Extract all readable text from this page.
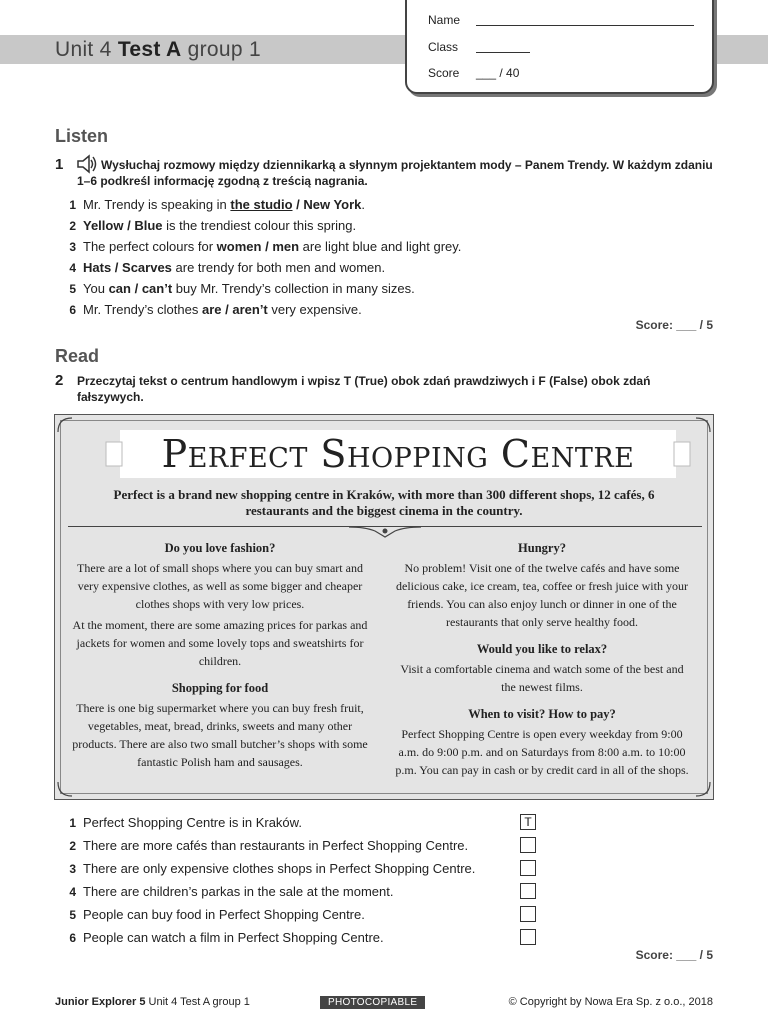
Unit 4 Test A group 1
Name
Class
Score ___ / 40
Listen
1	Wysłuchaj rozmowy między dziennikarką a słynnym projektantem mody – Panem Trendy. W każdym zdaniu 1–6 podkreśl informację zgodną z treścią nagrania.
1 Mr. Trendy is speaking in the studio / New York.
2 Yellow / Blue is the trendiest colour this spring.
3 The perfect colours for women / men are light blue and light grey.
4 Hats / Scarves are trendy for both men and women.
5 You can / can’t buy Mr. Trendy’s collection in many sizes.
6 Mr. Trendy’s clothes are / aren’t very expensive.
Score: ___ / 5
Read
2 Przeczytaj tekst o centrum handlowym i wpisz T (True) obok zdań prawdziwych i F (False) obok zdań fałszywych.
Perfect Shopping Centre
Perfect is a brand new shopping centre in Kraków, with more than 300 different shops, 12 cafés, 6 restaurants and the biggest cinema in the country.
Do you love fashion?

There are a lot of small shops where you can buy smart and very expensive clothes, as well as some bigger and cheaper clothes shops with very low prices.

At the moment, there are some amazing prices for parkas and jackets for women and some lovely tops and sweatshirts for children.

Shopping for food

There is one big supermarket where you can buy fresh fruit, vegetables, meat, bread, drinks, sweets and many other products. There are also two small butcher’s shops with some fantastic Polish ham and sausages.

Hungry?

No problem! Visit one of the twelve cafés and have some delicious cake, ice cream, tea, coffee or fresh juice with your friends. You can also enjoy lunch or dinner in one of the restaurants that only serve healthy food.

Would you like to relax?

Visit a comfortable cinema and watch some of the best and the newest films.

When to visit? How to pay?

Perfect Shopping Centre is open every weekday from 9:00 a.m. do 9:00 p.m. and on Saturdays from 8:00 a.m. to 10:00 p.m. You can pay in cash or by credit card in all of the shops.

1 Perfect Shopping Centre is in Kraków.	T
2 There are more cafés than restaurants in Perfect Shopping Centre.
3 There are only expensive clothes shops in Perfect Shopping Centre.
4 There are children’s parkas in the sale at the moment.
5 People can buy food in Perfect Shopping Centre.
6 People can watch a film in Perfect Shopping Centre.
Score: ___ / 5
Junior Explorer 5 Unit 4 Test A group 1	PHOTOCOPIABLE	© Copyright by Nowa Era Sp. z o.o., 2018
